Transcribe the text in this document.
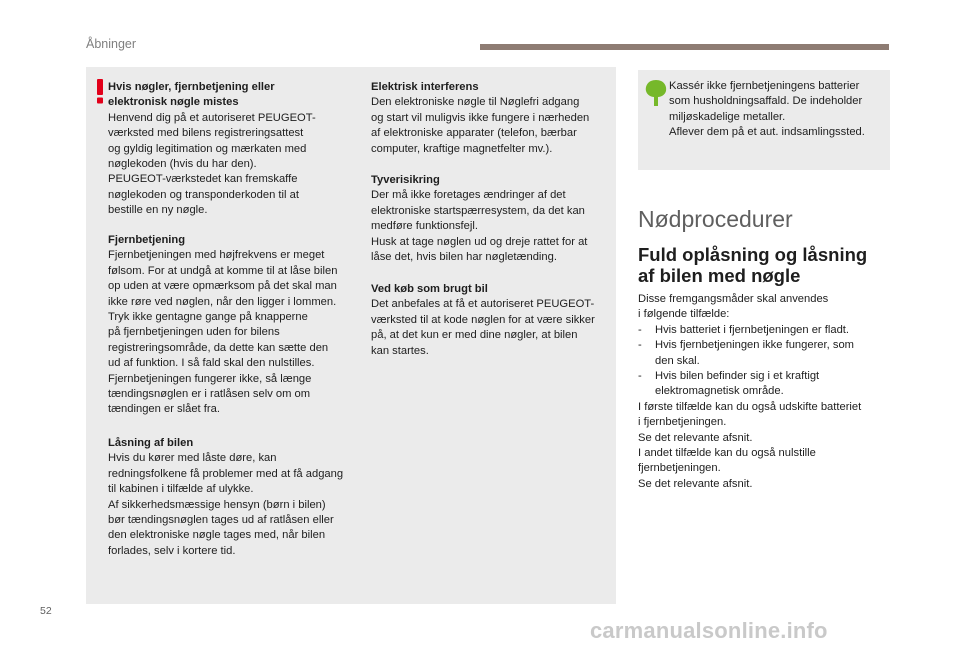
Åbninger

Hvis nøgler, fjernbetjening eller

elektronisk nøgle mistes

Henvend dig på et autoriseret PEUGEOT-

værksted med bilens registreringsattest

og gyldig legitimation og mærkaten med

nøglekoden (hvis du har den).

PEUGEOT-værkstedet kan fremskaffe

nøglekoden og transponderkoden til at

bestille en ny nøgle.

Fjernbetjening

Fjernbetjeningen med højfrekvens er meget

følsom. For at undgå at komme til at låse bilen

op uden at være opmærksom på det skal man

ikke røre ved nøglen, når den ligger i lommen.

Tryk ikke gentagne gange på knapperne

på fjernbetjeningen uden for bilens

registreringsområde, da dette kan sætte den

ud af funktion. I så fald skal den nulstilles.

Fjernbetjeningen fungerer ikke, så længe

tændingsnøglen er i ratlåsen selv om om

tændingen er slået fra.

Låsning af bilen

Hvis du kører med låste døre, kan

redningsfolkene få problemer med at få adgang

til kabinen i tilfælde af ulykke.

Af sikkerhedsmæssige hensyn (børn i bilen)

bør tændingsnøglen tages ud af ratlåsen eller

den elektroniske nøgle tages med, når bilen

forlades, selv i kortere tid.

Elektrisk interferens

Den elektroniske nøgle til Nøglefri adgang

og start vil muligvis ikke fungere i nærheden

af elektroniske apparater (telefon, bærbar

computer, kraftige magnetfelter mv.).

Tyverisikring

Der må ikke foretages ændringer af det

elektroniske startspærresystem, da det kan

medføre funktionsfejl.

Husk at tage nøglen ud og dreje rattet for at

låse det, hvis bilen har nøgletænding.

Ved køb som brugt bil

Det anbefales at få et autoriseret PEUGEOT-

værksted til at kode nøglen for at være sikker

på, at det kun er med dine nøgler, at bilen

kan startes.

Kassér ikke fjernbetjeningens batterier

som husholdningsaffald. De indeholder

miljøskadelige metaller.

Aflever dem på et aut. indsamlingssted.

Nødprocedurer
Fuld oplåsning og låsning
af bilen med nøgle

Disse fremgangsmåder skal anvendes

i følgende tilfælde:

- Hvis batteriet i fjernbetjeningen er fladt.

- Hvis fjernbetjeningen ikke fungerer, som

den skal.

- Hvis bilen befinder sig i et kraftigt

elektromagnetisk område.

I første tilfælde kan du også udskifte batteriet

i fjernbetjeningen.

Se det relevante afsnit.

I andet tilfælde kan du også nulstille

fjernbetjeningen.

Se det relevante afsnit.

52
carmanualsonline.info
